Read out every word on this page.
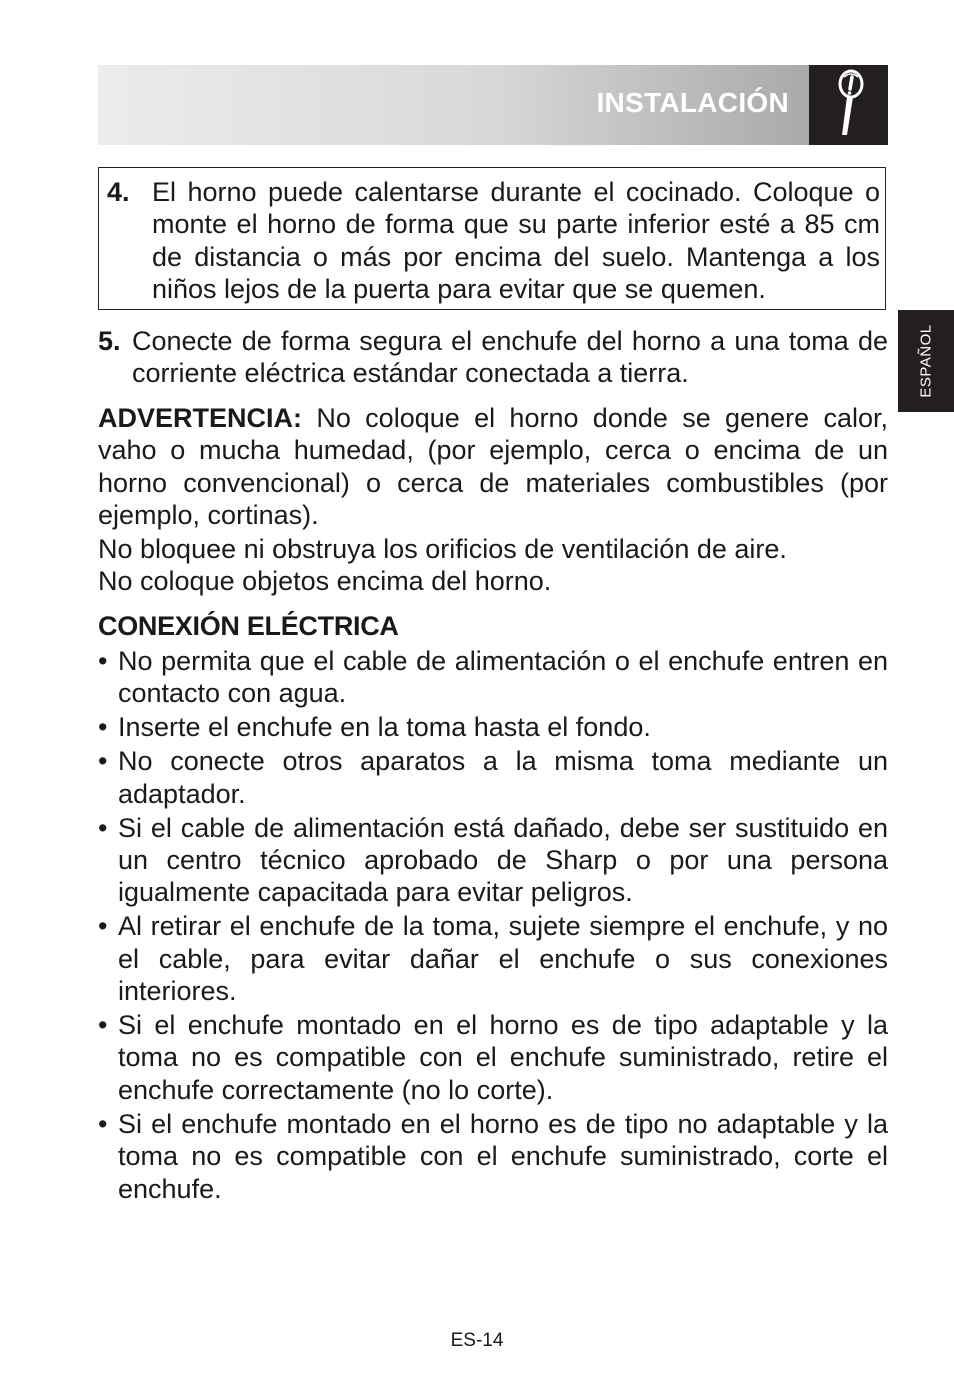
INSTALACIÓN
ESPAÑOL
4. El horno puede calentarse durante el cocinado. Coloque o monte el horno de forma que su parte inferior esté a 85 cm de distancia o más por encima del suelo. Mantenga a los niños lejos de la puerta para evitar que se quemen.
5. Conecte de forma segura el enchufe del horno a una toma de corriente eléctrica estándar conectada a tierra.

ADVERTENCIA: No coloque el horno donde se genere calor, vaho o mucha humedad, (por ejemplo, cerca o encima de un horno convencional) o cerca de materiales combustibles (por ejemplo, cortinas).

No bloquee ni obstruya los orificios de ventilación de aire.

No coloque objetos encima del horno.

CONEXIÓN ELÉCTRICA
• No permita que el cable de alimentación o el enchufe entren en contacto con agua.
• Inserte el enchufe en la toma hasta el fondo.
• No conecte otros aparatos a la misma toma mediante un adaptador.
• Si el cable de alimentación está dañado, debe ser sustituido en un centro técnico aprobado de Sharp o por una persona igualmente capacitada para evitar peligros.
• Al retirar el enchufe de la toma, sujete siempre el enchufe, y no el cable, para evitar dañar el enchufe o sus conexiones interiores.
• Si el enchufe montado en el horno es de tipo adaptable y la toma no es compatible con el enchufe suministrado, retire el enchufe correctamente (no lo corte).
• Si el enchufe montado en el horno es de tipo no adaptable y la toma no es compatible con el enchufe suministrado, corte el enchufe.
ES-14
